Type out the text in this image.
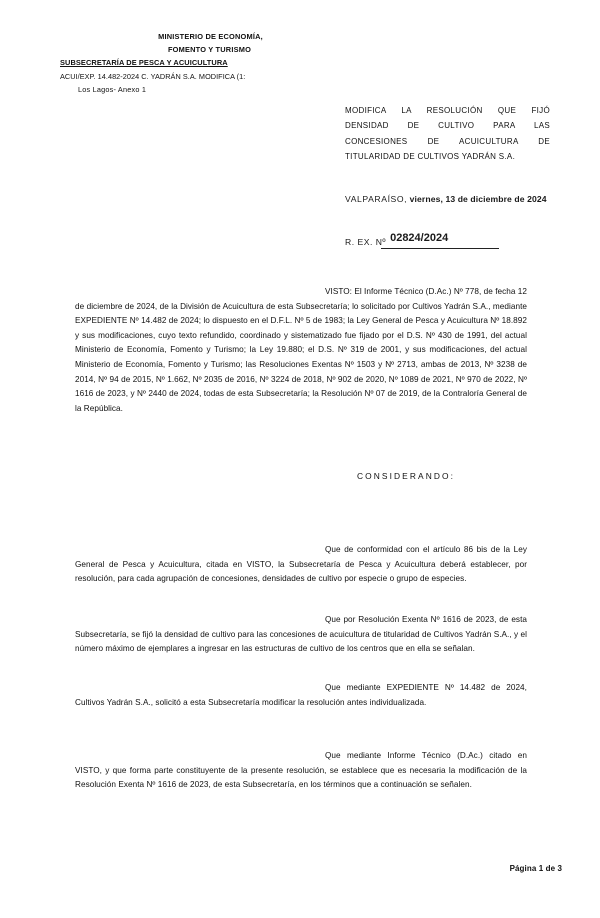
MINISTERIO DE ECONOMÍA,
FOMENTO Y TURISMO
SUBSECRETARÍA DE PESCA Y ACUICULTURA
ACUI/EXP. 14.482-2024 C. YADRÁN S.A. MODIFICA (1:
Los Lagos- Anexo 1
MODIFICA LA RESOLUCIÓN QUE FIJÓ
DENSIDAD DE CULTIVO PARA LAS
CONCESIONES DE ACUICULTURA DE
TITULARIDAD DE CULTIVOS YADRÁN S.A.
VALPARAÍSO, viernes, 13 de diciembre de 2024
R. EX. Nº 02824/2024
VISTO: El Informe Técnico (D.Ac.) Nº 778, de fecha 12 de diciembre de 2024, de la División de Acuicultura de esta Subsecretaría; lo solicitado por Cultivos Yadrán S.A., mediante EXPEDIENTE Nº 14.482 de 2024; lo dispuesto en el D.F.L. Nº 5 de 1983; la Ley General de Pesca y Acuicultura Nº 18.892 y sus modificaciones, cuyo texto refundido, coordinado y sistematizado fue fijado por el D.S. Nº 430 de 1991, del actual Ministerio de Economía, Fomento y Turismo; la Ley 19.880; el D.S. Nº 319 de 2001, y sus modificaciones, del actual Ministerio de Economía, Fomento y Turismo; las Resoluciones Exentas Nº 1503 y Nº 2713, ambas de 2013, Nº 3238 de 2014, Nº 94 de 2015, Nº 1.662, Nº 2035 de 2016, Nº 3224 de 2018, Nº 902 de 2020, Nº 1089 de 2021, Nº 970 de 2022, Nº 1616 de 2023, y Nº 2440 de 2024, todas de esta Subsecretaría; la Resolución Nº 07 de 2019, de la Contraloría General de la República.
CONSIDERANDO:
Que de conformidad con el artículo 86 bis de la Ley General de Pesca y Acuicultura, citada en VISTO, la Subsecretaría de Pesca y Acuicultura deberá establecer, por resolución, para cada agrupación de concesiones, densidades de cultivo por especie o grupo de especies.
Que por Resolución Exenta Nº 1616 de 2023, de esta Subsecretaría, se fijó la densidad de cultivo para las concesiones de acuicultura de titularidad de Cultivos Yadrán S.A., y el número máximo de ejemplares a ingresar en las estructuras de cultivo de los centros que en ella se señalan.
Que mediante EXPEDIENTE Nº 14.482 de 2024, Cultivos Yadrán S.A., solicitó a esta Subsecretaría modificar la resolución antes individualizada.
Que mediante Informe Técnico (D.Ac.) citado en VISTO, y que forma parte constituyente de la presente resolución, se establece que es necesaria la modificación de la Resolución Exenta Nº 1616 de 2023, de esta Subsecretaría, en los términos que a continuación se señalen.
Página 1 de 3
